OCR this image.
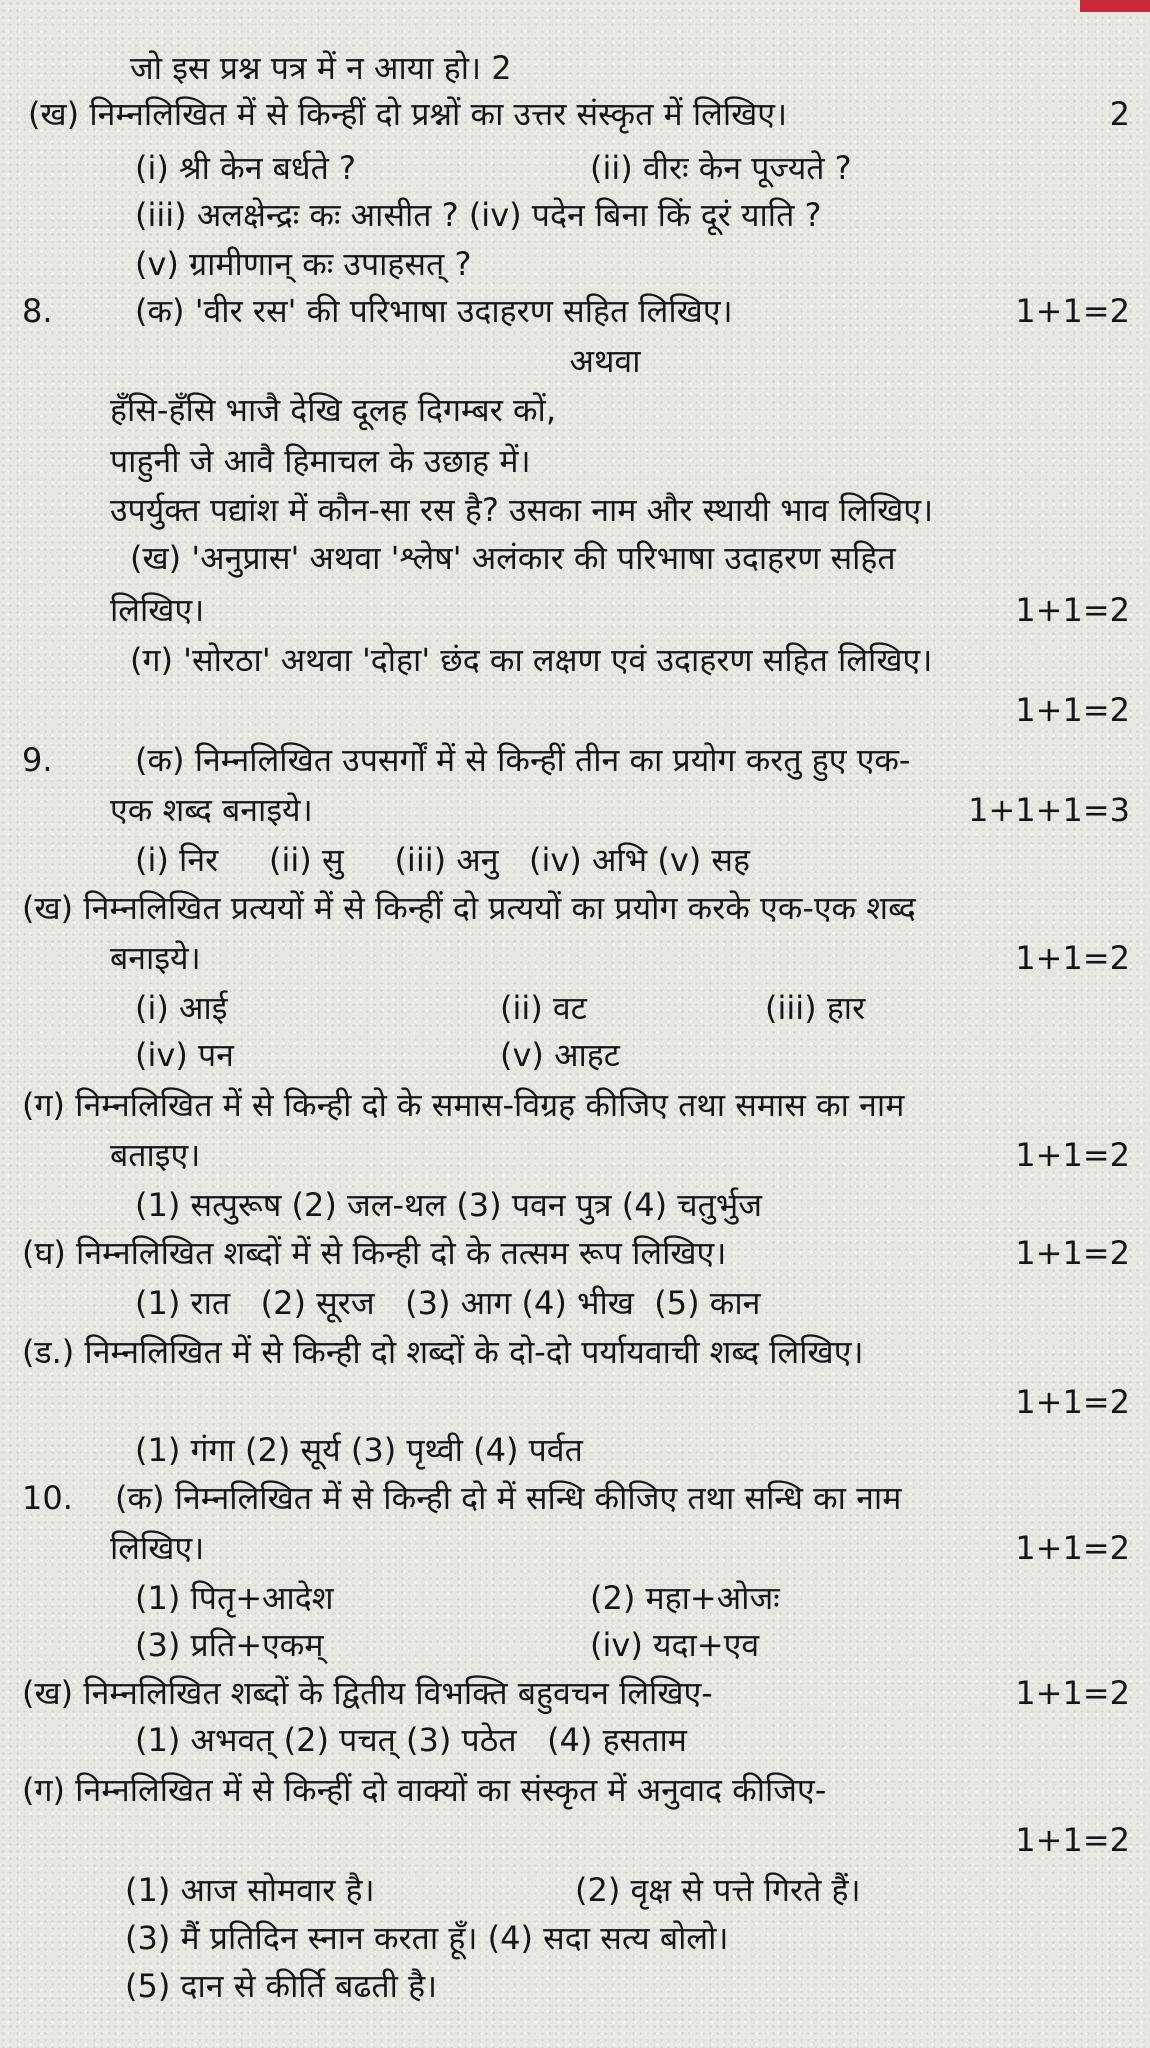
जो इस प्रश्न पत्र में न आया हो। 2
(ख) निम्नलिखित में से किन्हीं दो प्रश्नों का उत्तर संस्कृत में लिखिए।	2
(i) श्री केन बर्धते ?	(ii) वीरः केन पूज्यते ?
(iii) अलक्षेन्द्रः कः आसीत ? (iv) पदेन बिना किं दूरं याति ?
(v) ग्रामीणान् कः उपाहसत् ?
8.	(क) 'वीर रस' की परिभाषा उदाहरण सहित लिखिए।	1+1=2
अथवा
हँसि-हँसि भाजै देखि दूलह दिगम्बर कों,
पाहुनी जे आवै हिमाचल के उछाह में।
उपर्युक्त पद्यांश में कौन-सा रस है? उसका नाम और स्थायी भाव लिखिए।
(ख) 'अनुप्रास' अथवा 'श्लेष' अलंकार की परिभाषा उदाहरण सहित
लिखिए।	1+1=2
(ग) 'सोरठा' अथवा 'दोहा' छंद का लक्षण एवं उदाहरण सहित लिखिए।
1+1=2
9.	(क) निम्नलिखित उपसर्गों में से किन्हीं तीन का प्रयोग करतु हुए एक-
एक शब्द बनाइये।	1+1+1=3
(i) निर     (ii) सु     (iii) अनु   (iv) अभि (v) सह
(ख) निम्नलिखित प्रत्ययों में से किन्हीं दो प्रत्ययों का प्रयोग करके एक-एक शब्द
बनाइये।	1+1=2
(i) आई	(ii) वट	(iii) हार
(iv) पन	(v) आहट
(ग) निम्नलिखित में से किन्ही दो के समास-विग्रह कीजिए तथा समास का नाम
बताइए।	1+1=2
(1) सत्पुरूष (2) जल-थल (3) पवन पुत्र (4) चतुर्भुज
(घ) निम्नलिखित शब्दों में से किन्ही दो के तत्सम रूप लिखिए।	1+1=2
(1) रात   (2) सूरज   (3) आग (4) भीख  (5) कान
(ड.) निम्नलिखित में से किन्ही दो शब्दों के दो-दो पर्यायवाची शब्द लिखिए।
1+1=2
(1) गंगा (2) सूर्य (3) पृथ्वी (4) पर्वत
10. (क) निम्नलिखित में से किन्ही दो में सन्धि कीजिए तथा सन्धि का नाम
लिखिए।	1+1=2
(1) पितृ+आदेश	(2) महा+ओजः
(3) प्रति+एकम्	(iv) यदा+एव
(ख) निम्नलिखित शब्दों के द्वितीय विभक्ति बहुवचन लिखिए-	1+1=2
(1) अभवत् (2) पचत् (3) पठेत   (4) हसताम
(ग) निम्नलिखित में से किन्हीं दो वाक्यों का संस्कृत में अनुवाद कीजिए-
1+1=2
(1) आज सोमवार है।	(2) वृक्ष से पत्ते गिरते हैं।
(3) मैं प्रतिदिन स्नान करता हूँ। (4) सदा सत्य बोलो।
(5) दान से कीर्ति बढती है।
